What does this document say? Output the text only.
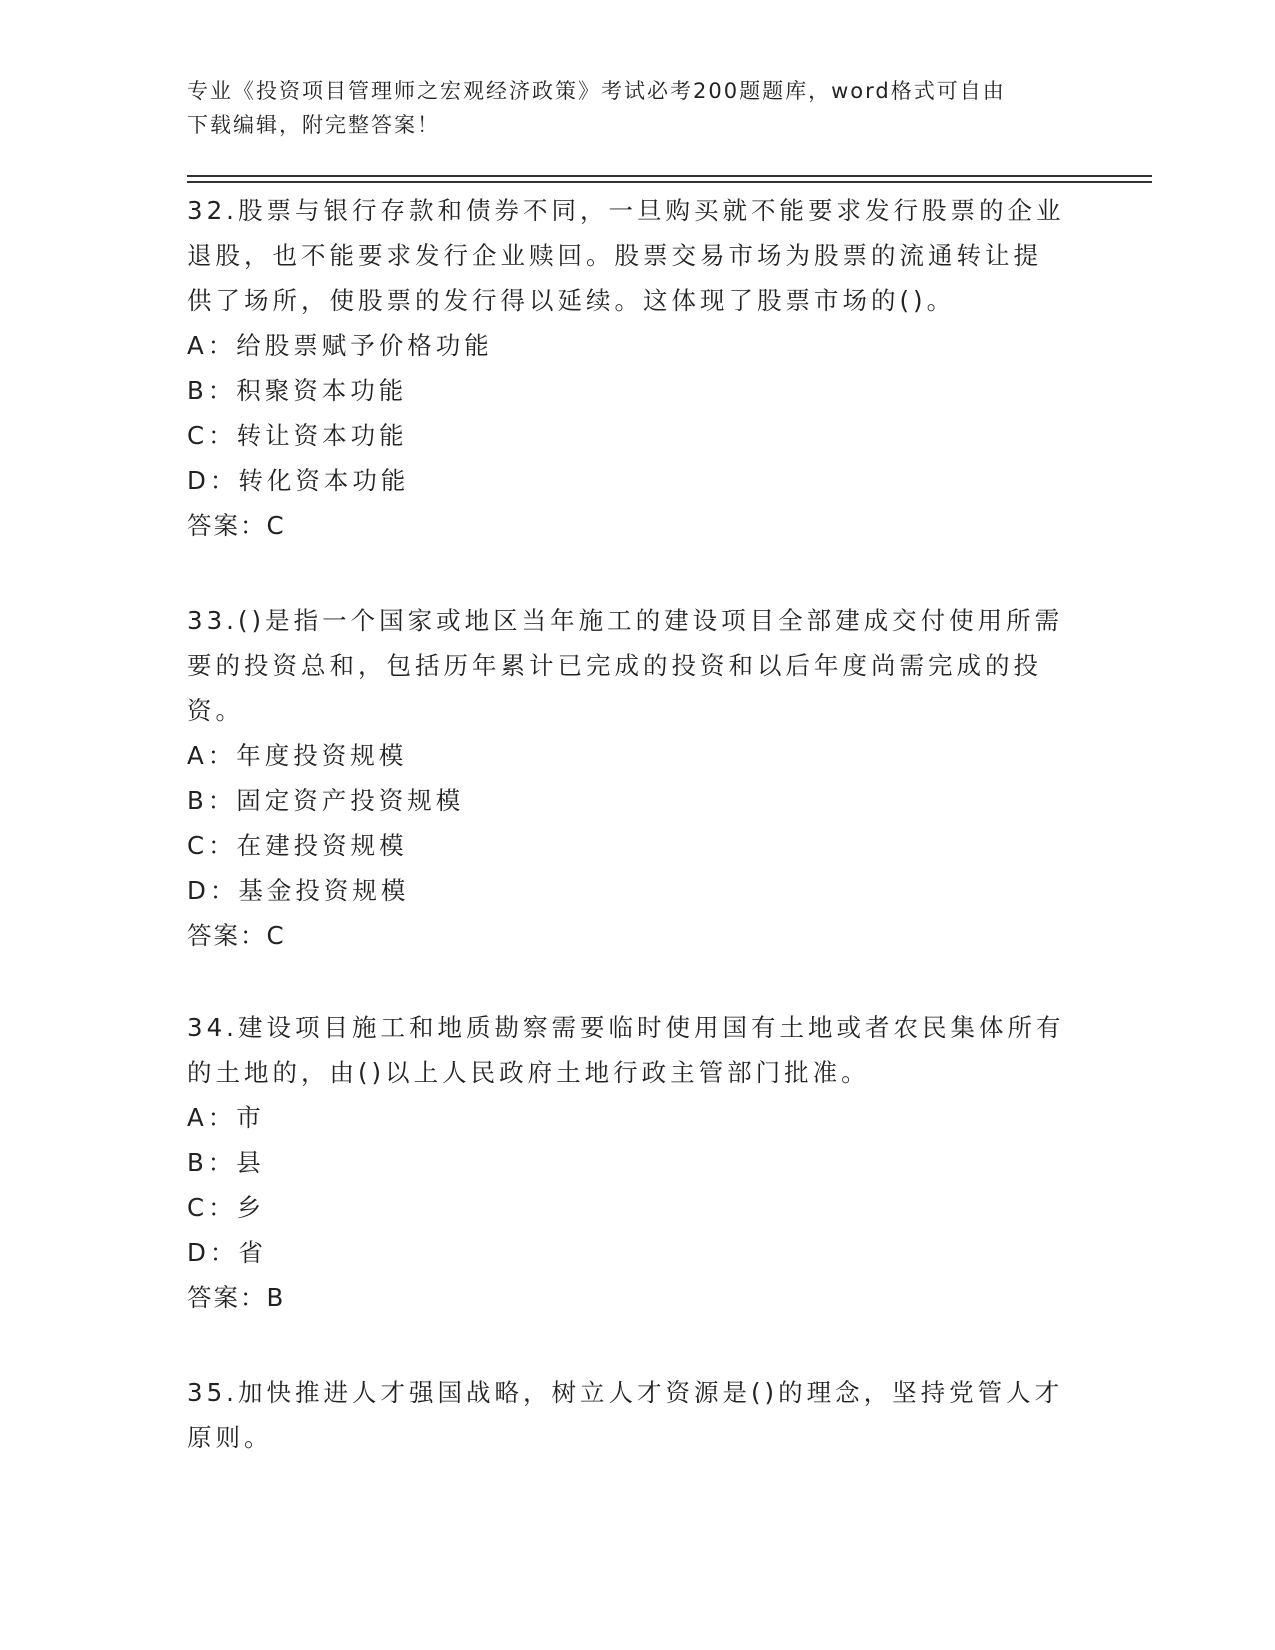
专业《投资项目管理师之宏观经济政策》考试必考200题题库，word格式可自由
下载编辑，附完整答案！
32.股票与银行存款和债券不同，一旦购买就不能要求发行股票的企业
退股，也不能要求发行企业赎回。股票交易市场为股票的流通转让提
供了场所，使股票的发行得以延续。这体现了股票市场的()。
A：给股票赋予价格功能
B：积聚资本功能
C：转让资本功能
D：转化资本功能
答案：C
33.()是指一个国家或地区当年施工的建设项目全部建成交付使用所需
要的投资总和，包括历年累计已完成的投资和以后年度尚需完成的投
资。
A：年度投资规模
B：固定资产投资规模
C：在建投资规模
D：基金投资规模
答案：C
34.建设项目施工和地质勘察需要临时使用国有土地或者农民集体所有
的土地的，由()以上人民政府土地行政主管部门批准。
A：市
B：县
C：乡
D：省
答案：B
35.加快推进人才强国战略，树立人才资源是()的理念，坚持党管人才
原则。
